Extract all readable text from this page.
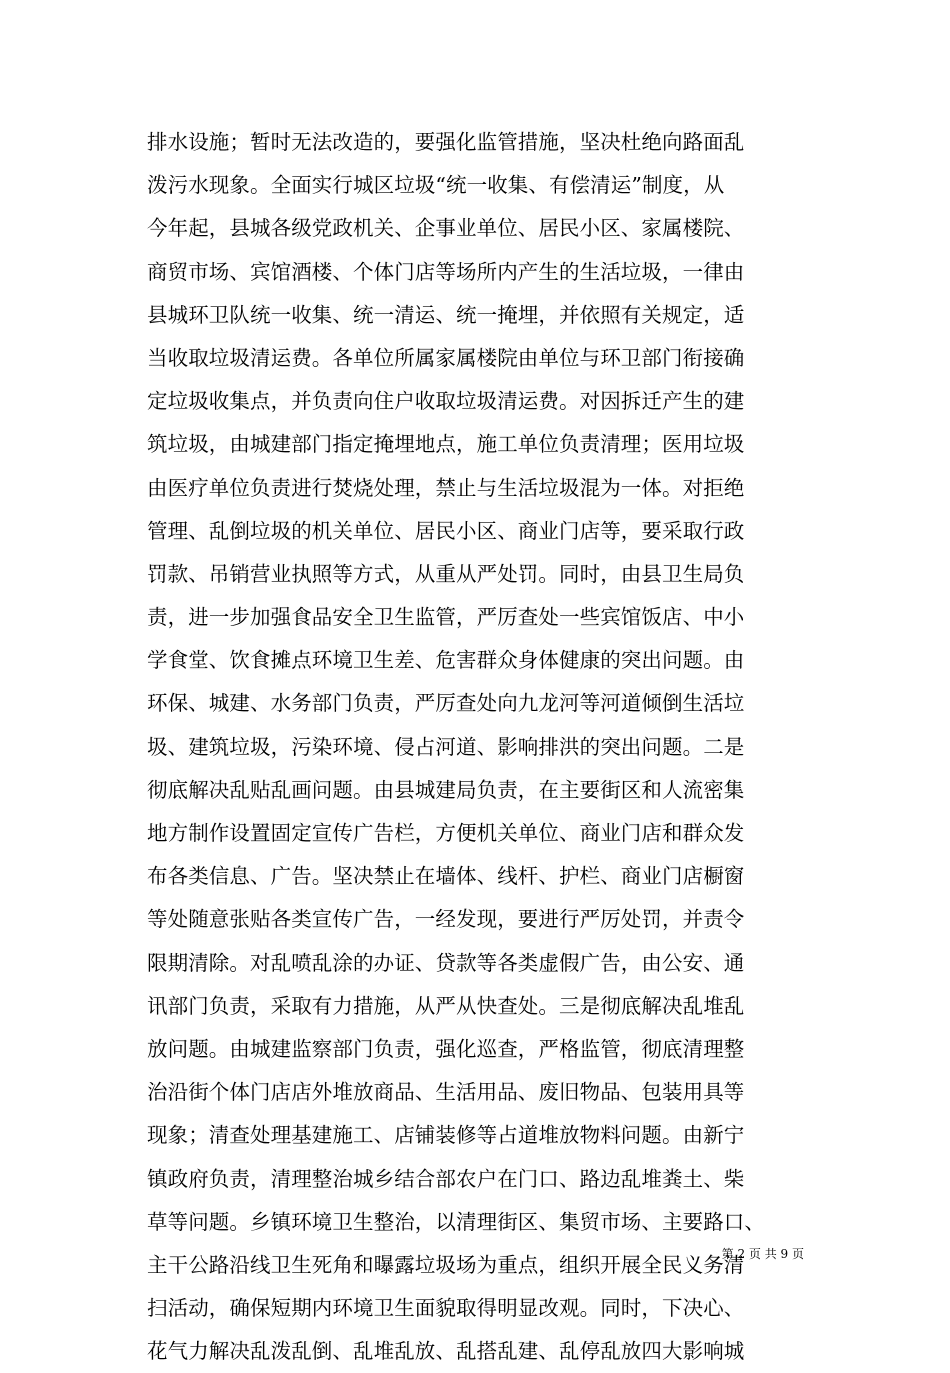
排水设施；暂时无法改造的，要强化监管措施，坚决杜绝向路面乱
泼污水现象。全面实行城区垃圾“统一收集、有偿清运”制度，从
今年起，县城各级党政机关、企事业单位、居民小区、家属楼院、
商贸市场、宾馆酒楼、个体门店等场所内产生的生活垃圾，一律由
县城环卫队统一收集、统一清运、统一掩埋，并依照有关规定，适
当收取垃圾清运费。各单位所属家属楼院由单位与环卫部门衔接确
定垃圾收集点，并负责向住户收取垃圾清运费。对因拆迁产生的建
筑垃圾，由城建部门指定掩埋地点，施工单位负责清理；医用垃圾
由医疗单位负责进行焚烧处理，禁止与生活垃圾混为一体。对拒绝
管理、乱倒垃圾的机关单位、居民小区、商业门店等，要采取行政
罚款、吊销营业执照等方式，从重从严处罚。同时，由县卫生局负
责，进一步加强食品安全卫生监管，严厉查处一些宾馆饭店、中小
学食堂、饮食摊点环境卫生差、危害群众身体健康的突出问题。由
环保、城建、水务部门负责，严厉查处向九龙河等河道倾倒生活垃
圾、建筑垃圾，污染环境、侵占河道、影响排洪的突出问题。二是
彻底解决乱贴乱画问题。由县城建局负责，在主要街区和人流密集
地方制作设置固定宣传广告栏，方便机关单位、商业门店和群众发
布各类信息、广告。坚决禁止在墙体、线杆、护栏、商业门店橱窗
等处随意张贴各类宣传广告，一经发现，要进行严厉处罚，并责令
限期清除。对乱喷乱涂的办证、贷款等各类虚假广告，由公安、通
讯部门负责，采取有力措施，从严从快查处。三是彻底解决乱堆乱
放问题。由城建监察部门负责，强化巡查，严格监管，彻底清理整
治沿街个体门店店外堆放商品、生活用品、废旧物品、包装用具等
现象；清查处理基建施工、店铺装修等占道堆放物料问题。由新宁
镇政府负责，清理整治城乡结合部农户在门口、路边乱堆粪土、柴
草等问题。乡镇环境卫生整治，以清理街区、集贸市场、主要路口、
主干公路沿线卫生死角和曝露垃圾场为重点，组织开展全民义务清
扫活动，确保短期内环境卫生面貌取得明显改观。同时，下决心、
花气力解决乱泼乱倒、乱堆乱放、乱搭乱建、乱停乱放四大影响城
第 2 页 共 9 页
